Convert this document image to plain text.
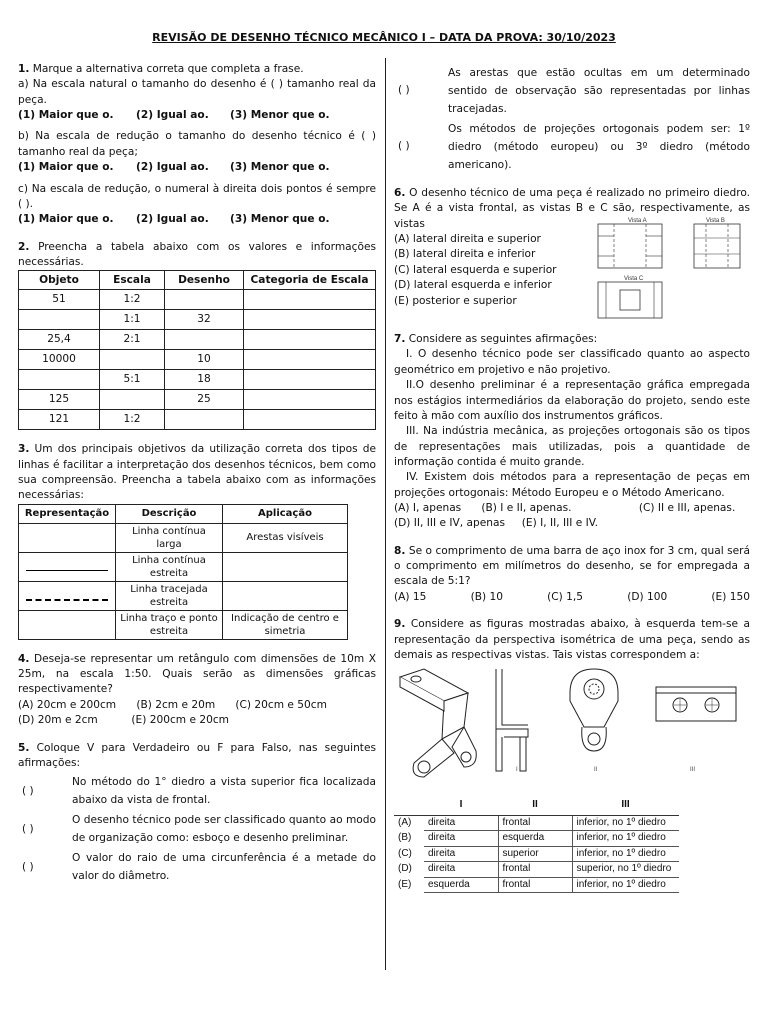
REVISÃO DE DESENHO TÉCNICO MECÂNICO I – DATA DA PROVA: 30/10/2023

1. Marque a alternativa correta que completa a frase.

a) Na escala natural o tamanho do desenho é ( ) tamanho real da peça.

(1) Maior que o.	(2) Igual ao.	(3) Menor que o.

b) Na escala de redução o tamanho do desenho técnico é ( ) tamanho real da peça;

(1) Maior que o.	(2) Igual ao.	(3) Menor que o.

c) Na escala de redução, o numeral à direita dois pontos é sempre ( ).

(1) Maior que o.	(2) Igual ao.	(3) Menor que o.

2. Preencha a tabela abaixo com os valores e informações necessárias.

Objeto	Escala	Desenho	Categoria de Escala
51	1:2		
	1:1	32	
25,4	2:1		
10000		10	
	5:1	18	
125		25	
121	1:2		

3. Um dos principais objetivos da utilização correta dos tipos de linhas é facilitar a interpretação dos desenhos técnicos, bem como sua compreensão. Preencha a tabela abaixo com as informações necessárias:

Representação	Descrição	Aplicação
	Linha contínua larga	Arestas visíveis

	Linha contínua estreita	

	Linha tracejada estreita	
	Linha traço e ponto estreita	Indicação de centro e simetria

4. Deseja-se representar um retângulo com dimensões de 10m X 25m, na escala 1:50. Quais serão as dimensões gráficas respectivamente?

(A) 20cm e 200cm      (B) 2cm e 20m      (C) 20cm e 50cm

(D) 20m e 2cm          (E) 200cm e 20cm

5. Coloque V para Verdadeiro ou F para Falso, nas seguintes afirmações:

( )

No método do 1° diedro a vista superior fica localizada abaixo da vista de frontal.

( )

O desenho técnico pode ser classificado quanto ao modo de organização como: esboço e desenho preliminar.

( )

O valor do raio de uma circunferência é a metade do valor do diâmetro.

( )

As arestas que estão ocultas em um determinado sentido de observação são representadas por linhas tracejadas.

( )

Os métodos de projeções ortogonais podem ser: 1º diedro (método europeu) ou 3º diedro (método americano).

6. O desenho técnico de uma peça é realizado no primeiro diedro. Se A é a vista frontal, as vistas B e C são, respectivamente, as vistas

(A) lateral direita e superior

(B) lateral direita e inferior

(C) lateral esquerda e superior

(D) lateral esquerda e inferior

(E) posterior e superior

Vista A	Vista B
Vista C

7. Considere as seguintes afirmações:

I. O desenho técnico pode ser classificado quanto ao aspecto geométrico em projetivo e não projetivo.

II.O desenho preliminar é a representação gráfica empregada nos estágios intermediários da elaboração do projeto, sendo este feito à mão com auxílio dos instrumentos gráficos.

III. Na indústria mecânica, as projeções ortogonais são os tipos de representações mais utilizadas, pois a quantidade de informação contida é muito grande.

IV. Existem dois métodos para a representação de peças em projeções ortogonais: Método Europeu e o Método Americano.

(A) I, apenas      (B) I e II, apenas.                    (C) II e III, apenas.

(D) II, III e IV, apenas     (E) I, II, III e IV.

8. Se o comprimento de uma barra de aço inox for 3 cm, qual será o comprimento em milímetros do desenho, se for empregada a escala de 5:1?

(A) 15	(B) 10	(C) 1,5	(D) 100	(E) 150

9. Considere as figuras mostradas abaixo, à esquerda tem-se a representação da perspectiva isométrica de uma peça, sendo as demais as respectivas vistas. Tais vistas correspondem a:

I	II	III
	I	II	III
(A)	direita	frontal	inferior, no 1º diedro
(B)	direita	esquerda	inferior, no 1º diedro
(C)	direita	superior	inferior, no 1º diedro
(D)	direita	frontal	superior, no 1º diedro
(E)	esquerda	frontal	inferior, no 1º diedro
